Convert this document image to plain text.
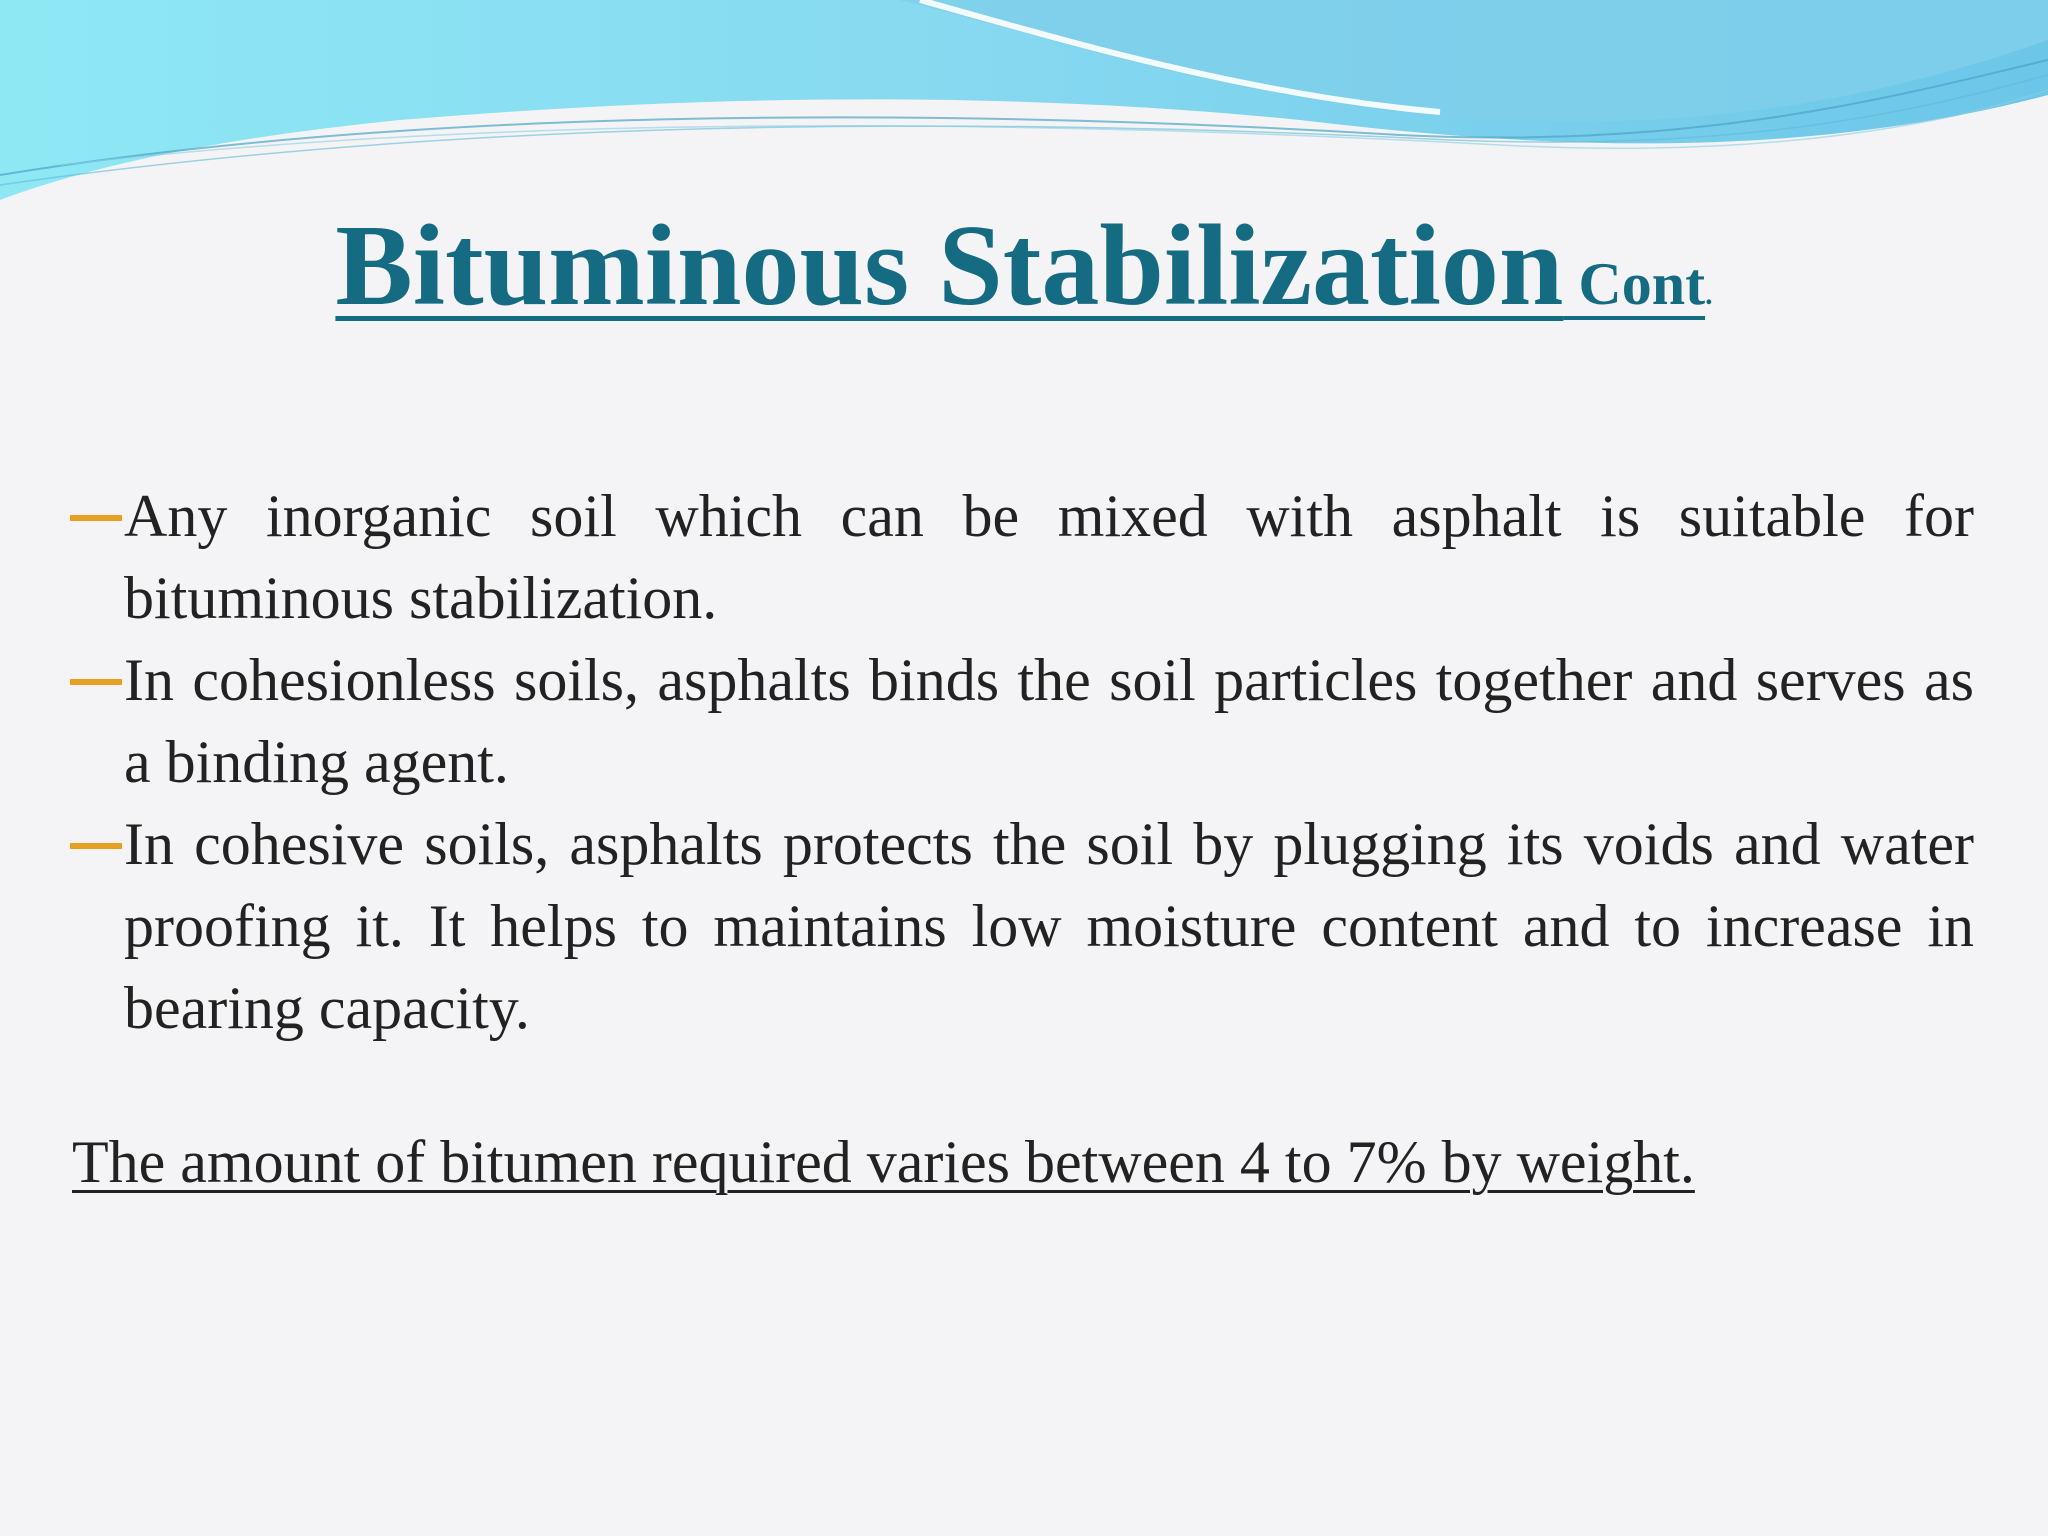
Bituminous Stabilization Cont.
Any inorganic soil which can be mixed with asphalt is suitable for bituminous stabilization.
In cohesionless soils, asphalts binds the soil particles together and serves as a binding agent.
In cohesive soils, asphalts protects the soil by plugging its voids and water proofing it. It helps to maintains low moisture content and to increase in bearing capacity.
The amount of bitumen required varies between 4 to 7% by weight.
